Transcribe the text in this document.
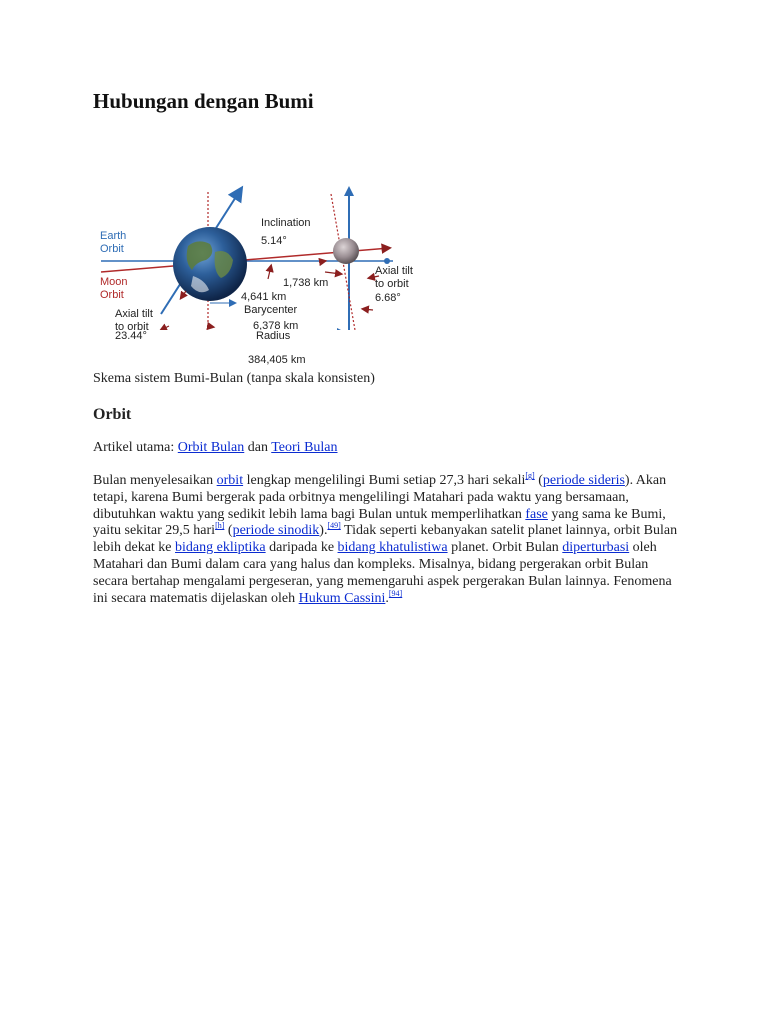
Hubungan dengan Bumi
Earth
Orbit
Moon
Orbit
Inclination
5.14°
1,738 km
4,641 km
Barycenter
6,378 km
Axial tilt
to orbit
Axial tilt
to orbit
6.68°
23.44°	Radius
384,405 km
Skema sistem Bumi-Bulan (tanpa skala konsisten)
Orbit
Artikel utama: Orbit Bulan dan Teori Bulan
Bulan menyelesaikan orbit lengkap mengelilingi Bumi setiap 27,3 hari sekali[g] (periode sideris). Akan tetapi, karena Bumi bergerak pada orbitnya mengelilingi Matahari pada waktu yang bersamaan, dibutuhkan waktu yang sedikit lebih lama bagi Bulan untuk memperlihatkan fase yang sama ke Bumi, yaitu sekitar 29,5 hari[h] (periode sinodik).[49] Tidak seperti kebanyakan satelit planet lainnya, orbit Bulan lebih dekat ke bidang ekliptika daripada ke bidang khatulistiwa planet. Orbit Bulan diperturbasi oleh Matahari dan Bumi dalam cara yang halus dan kompleks. Misalnya, bidang pergerakan orbit Bulan secara bertahap mengalami pergeseran, yang memengaruhi aspek pergerakan Bulan lainnya. Fenomena ini secara matematis dijelaskan oleh Hukum Cassini.[94]
